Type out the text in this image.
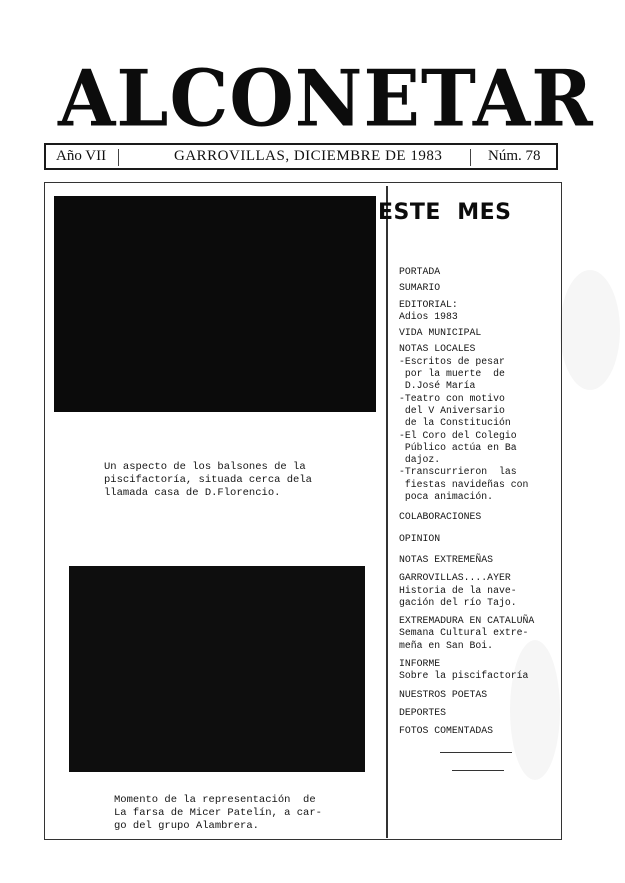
ALCONETAR
Año VII	GARROVILLAS, DICIEMBRE DE 1983	Núm. 78
Un aspecto de los balsones de la
piscifactoría, situada cerca dela
llamada casa de D.Florencio.
Momento de la representación  de
La farsa de Micer Patelín, a car-
go del grupo Alambrera.
ESTE  MES
PORTADA
SUMARIO
EDITORIAL:
Adios 1983
VIDA MUNICIPAL
NOTAS LOCALES
-Escritos de pesar
por la muerte  de
D.José María
-Teatro con motivo
del V Aniversario
de la Constitución
-El Coro del Colegio
Público actúa en Ba
dajoz.
-Transcurrieron  las
fiestas navideñas con
poca animación.
COLABORACIONES
OPINION
NOTAS EXTREMEÑAS
GARROVILLAS....AYER
Historia de la nave-
gación del río Tajo.
EXTREMADURA EN CATALUÑA
Semana Cultural extre-
meña en San Boi.
INFORME
Sobre la piscifactoría
NUESTROS POETAS
DEPORTES
FOTOS COMENTADAS
